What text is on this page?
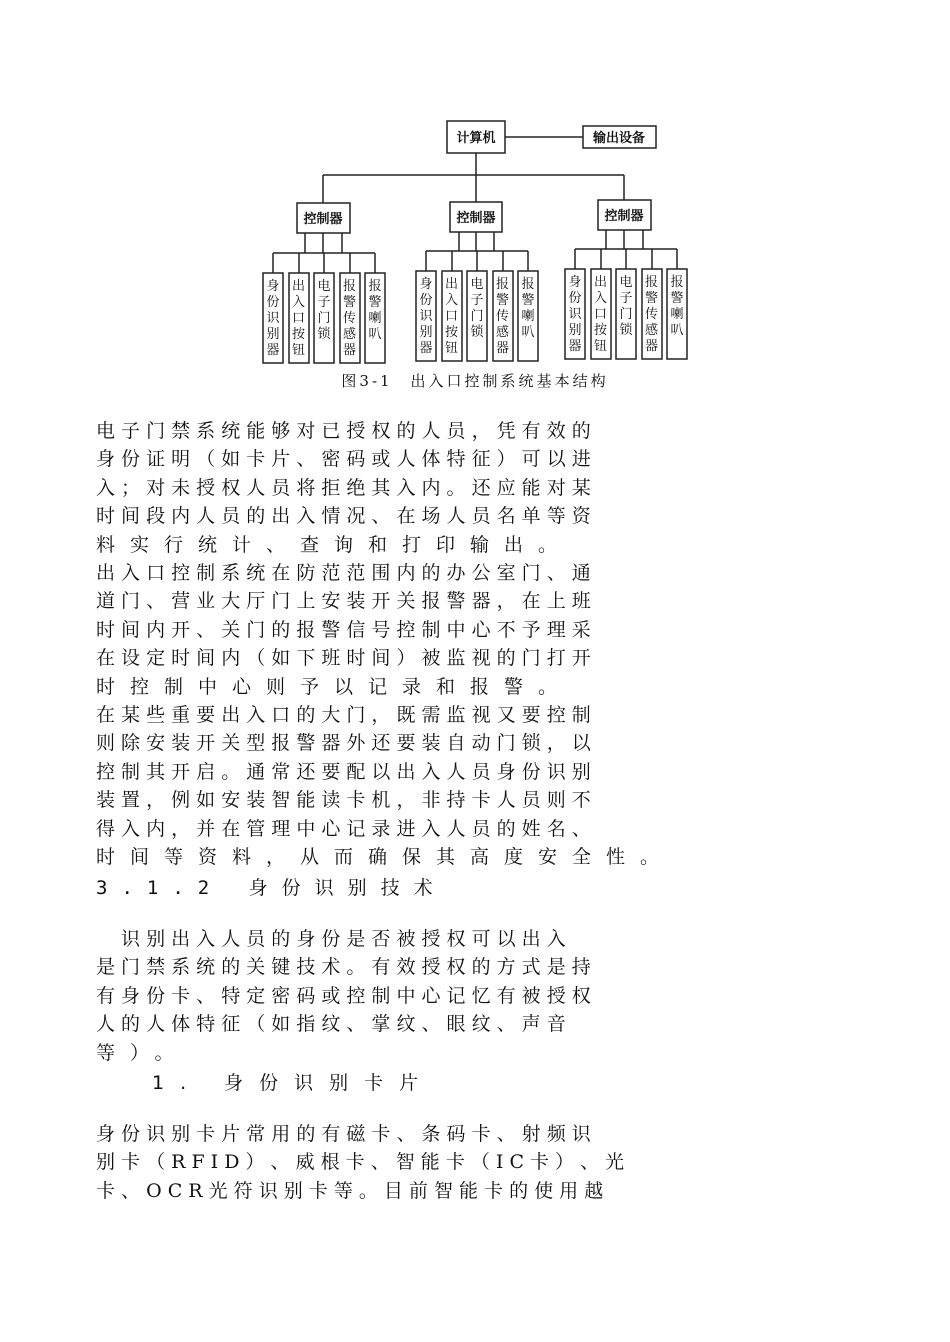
计算机	输出设备
控制器	控制器	控制器
身份识别器
出入口按钮
电子门锁
报警传感器
报警喇叭
身份识别器
出入口按钮
电子门锁
报警传感器
报警喇叭
身份识别器
出入口按钮
电子门锁
报警传感器
报警喇叭
图3-1　出入口控制系统基本结构
电 子 门 禁 系 统 能 够 对 已 授 权 的 人 员 ， 凭 有 效 的
身 份 证 明 （ 如 卡 片 、 密 码 或 人 体 特 征 ） 可 以 进
入 ； 对 未 授 权 人 员 将 拒 绝 其 入 内 。 还 应 能 对 某
时 间 段 内 人 员 的 出 入 情 况 、 在 场 人 员 名 单 等 资
料实行统计、查询和打印输出。
出 入 口 控 制 系 统 在 防 范 范 围 内 的 办 公 室 门 、 通
道 门 、 营 业 大 厅 门 上 安 装 开 关 报 警 器 ， 在 上 班
时 间 内 开 、 关 门 的 报 警 信 号 控 制 中 心 不 予 理 采
在 设 定 时 间 内 （ 如 下 班 时 间 ） 被 监 视 的 门 打 开
时控制中心则予以记录和报警。
在 某 些 重 要 出 入 口 的 大 门 ， 既 需 监 视 又 要 控 制
则 除 安 装 开 关 型 报 警 器 外 还 要 装 自 动 门 锁 ， 以
控 制 其 开 启 。 通 常 还 要 配 以 出 入 人 员 身 份 识 别
装 置 ， 例 如 安 装 智 能 读 卡 机 ， 非 持 卡 人 员 则 不
得 入 内 ， 并 在 管 理 中 心 记 录 进 入 人 员 的 姓 名 、
时间等资料，从而确保其高度安全性。
3.1.2 身份识别技术
　 识 别 出 入 人 员 的 身 份 是 否 被 授 权 可 以 出 入
是 门 禁 系 统 的 关 键 技 术 。 有 效 授 权 的 方 式 是 持
有 身 份 卡 、 特 定 密 码 或 控 制 中 心 记 忆 有 被 授 权
人 的 人 体 特 征 （ 如 指 纹 、 掌 纹 、 眼 纹 、 声 音
等）。
1. 身份识别卡片
身 份 识 别 卡 片 常 用 的 有 磁 卡 、 条 码 卡 、 射 频 识
别 卡 （ R F I D ） 、 威 根 卡 、 智 能 卡 （ I C 卡 ） 、 光
卡 、 O C R 光 符 识 别 卡 等 。 目 前 智 能 卡 的 使 用 越
